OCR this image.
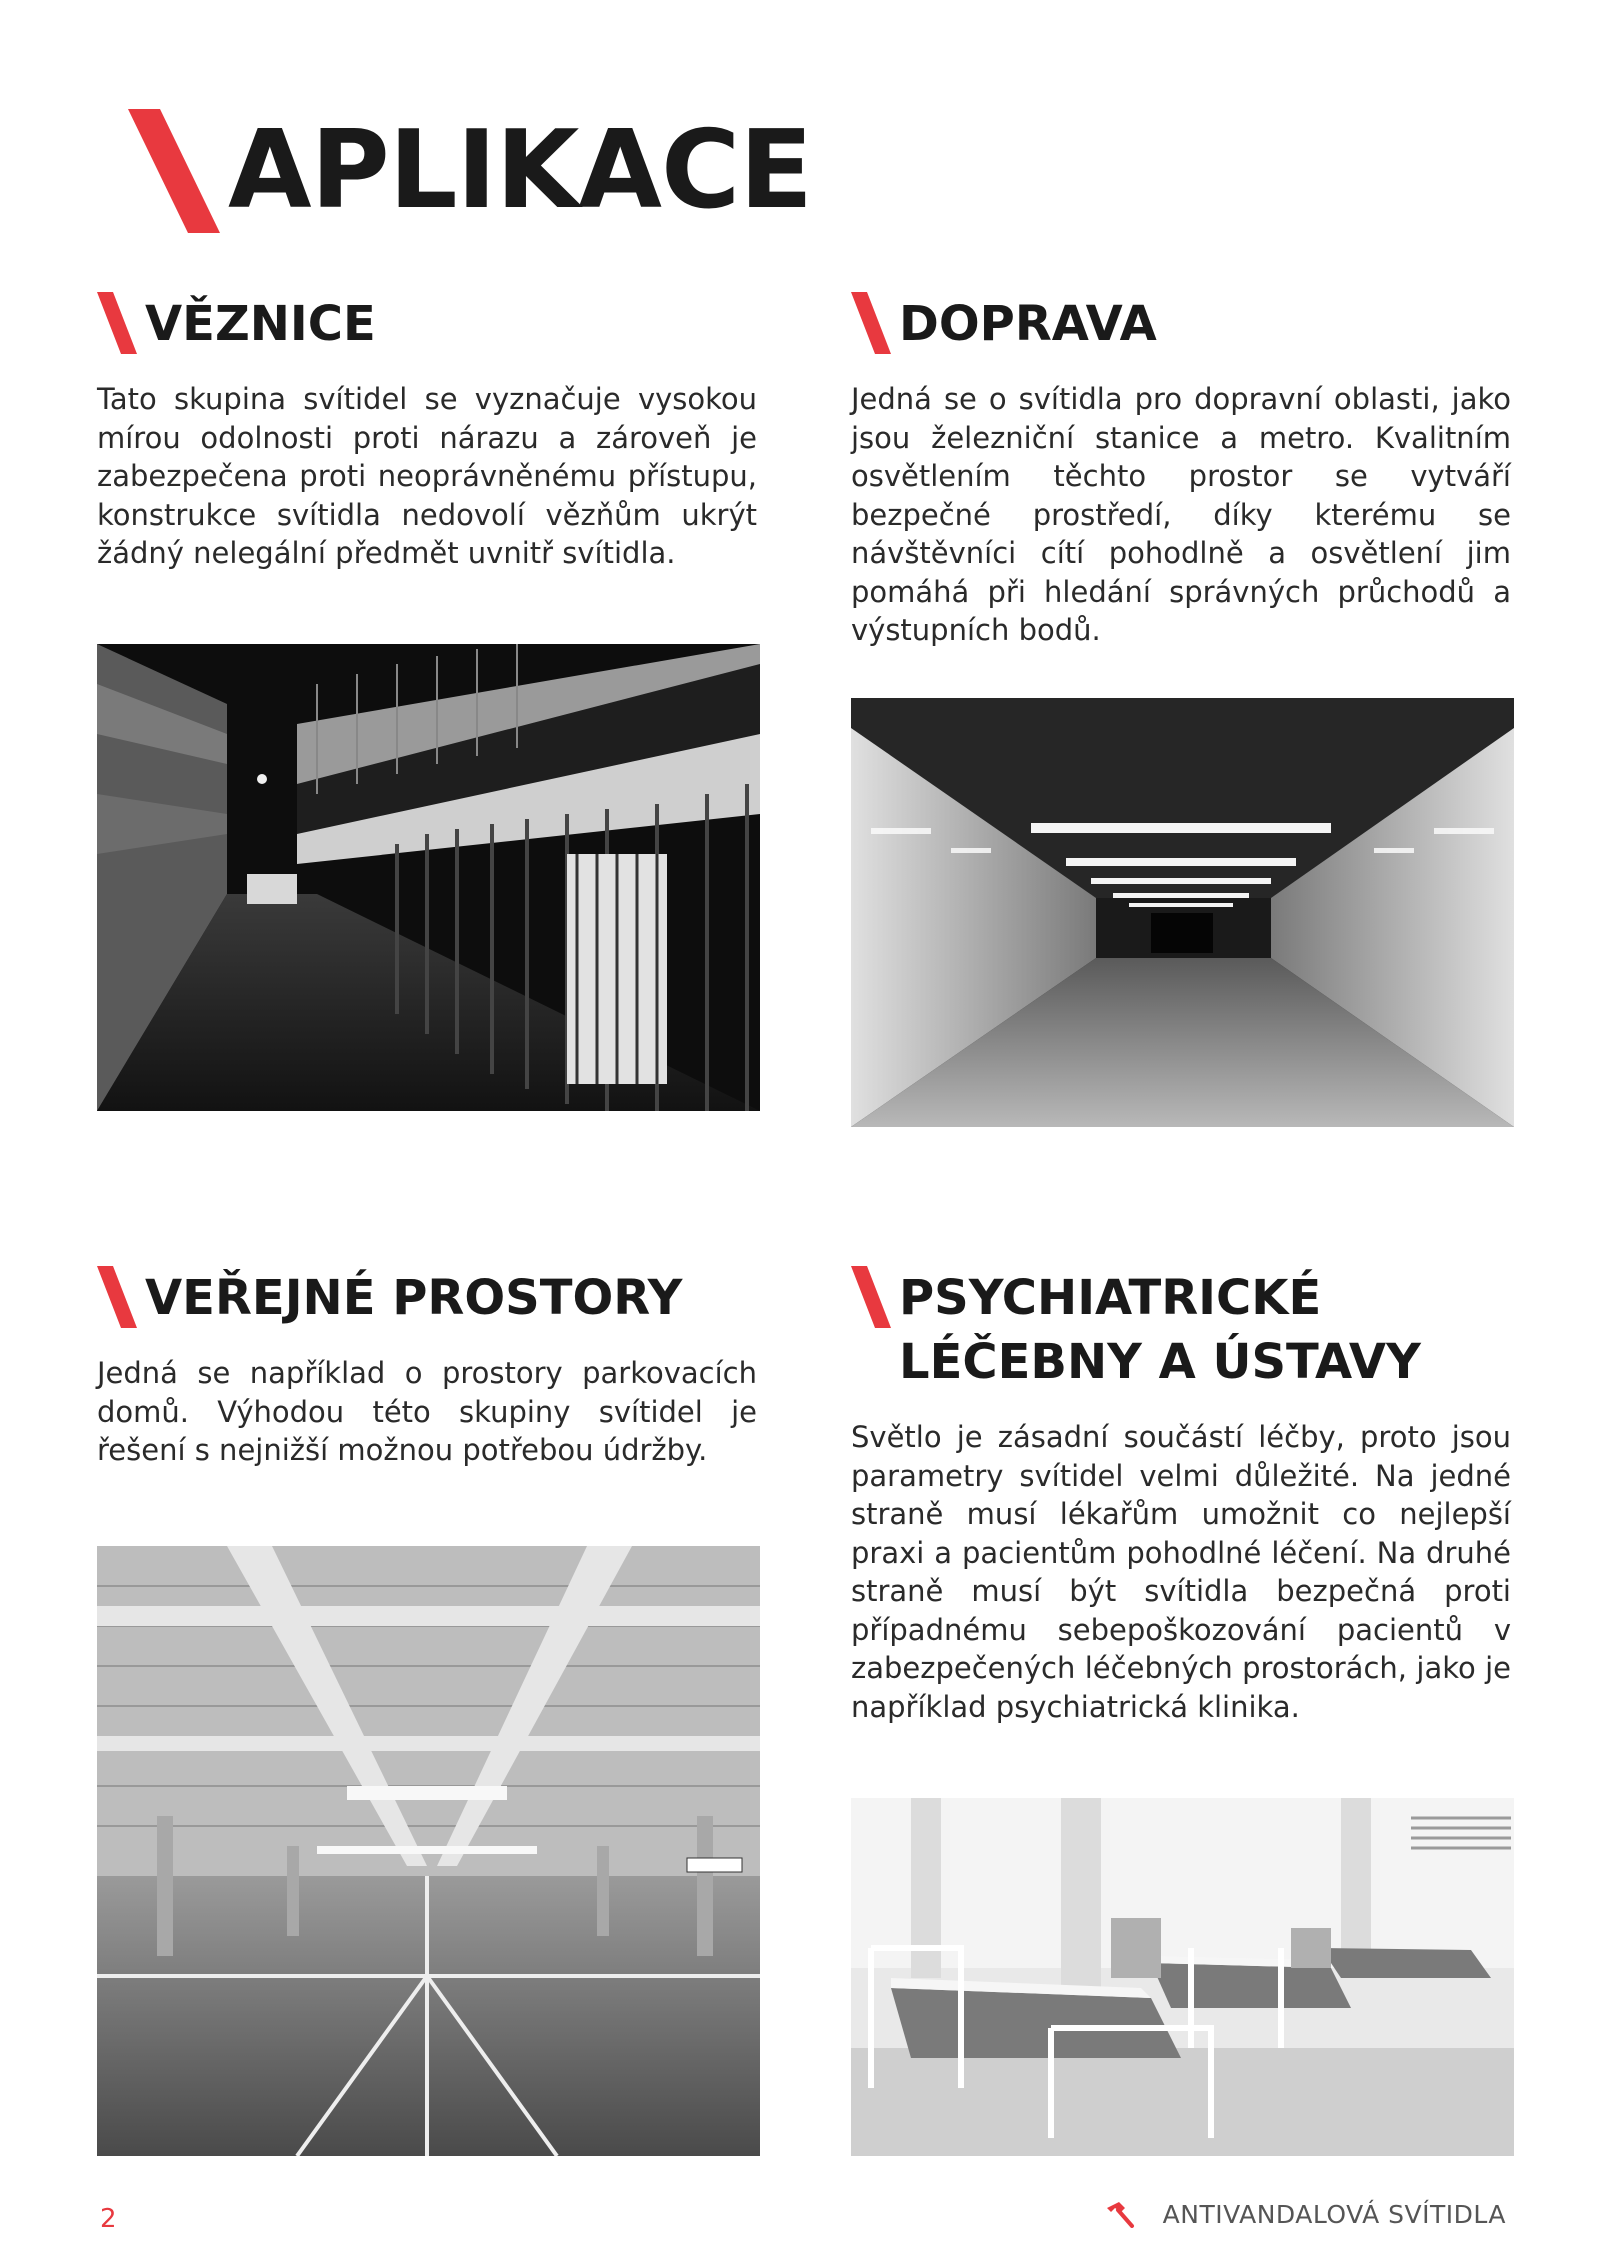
APLIKACE
VĚZNICE

Tato skupina svítidel se vyznačuje vysokou mírou odolnosti proti nárazu a zároveň je zabezpečena proti neoprávněnému přístupu, konstrukce svítidla nedovolí vězňům ukrýt žádný nelegální předmět uvnitř svítidla.

DOPRAVA

Jedná se o svítidla pro dopravní oblasti, jako jsou železniční stanice a metro. Kvalitním osvětlením těchto prostor se vytváří bezpečné prostředí, díky kterému se návštěvníci cítí pohodlně a osvětlení jim pomáhá při hledání správných průchodů a výstupních bodů.

VEŘEJNÉ PROSTORY

Jedná se například o prostory parkovacích domů. Výhodou této skupiny svítidel je řešení s nejnižší možnou potřebou údržby.

PSYCHIATRICKÉ
LÉČEBNY A ÚSTAVY

Světlo je zásadní součástí léčby, proto jsou parametry svítidel velmi důležité. Na jedné straně musí lékařům umožnit co nejlepší praxi a pacientům pohodlné léčení. Na druhé straně musí být svítidla bezpečná proti případnému sebepoškozování pacientů v zabezpečených léčebných prostorách, jako je například psychiatrická klinika.

2	ANTIVANDALOVÁ SVÍTIDLA
